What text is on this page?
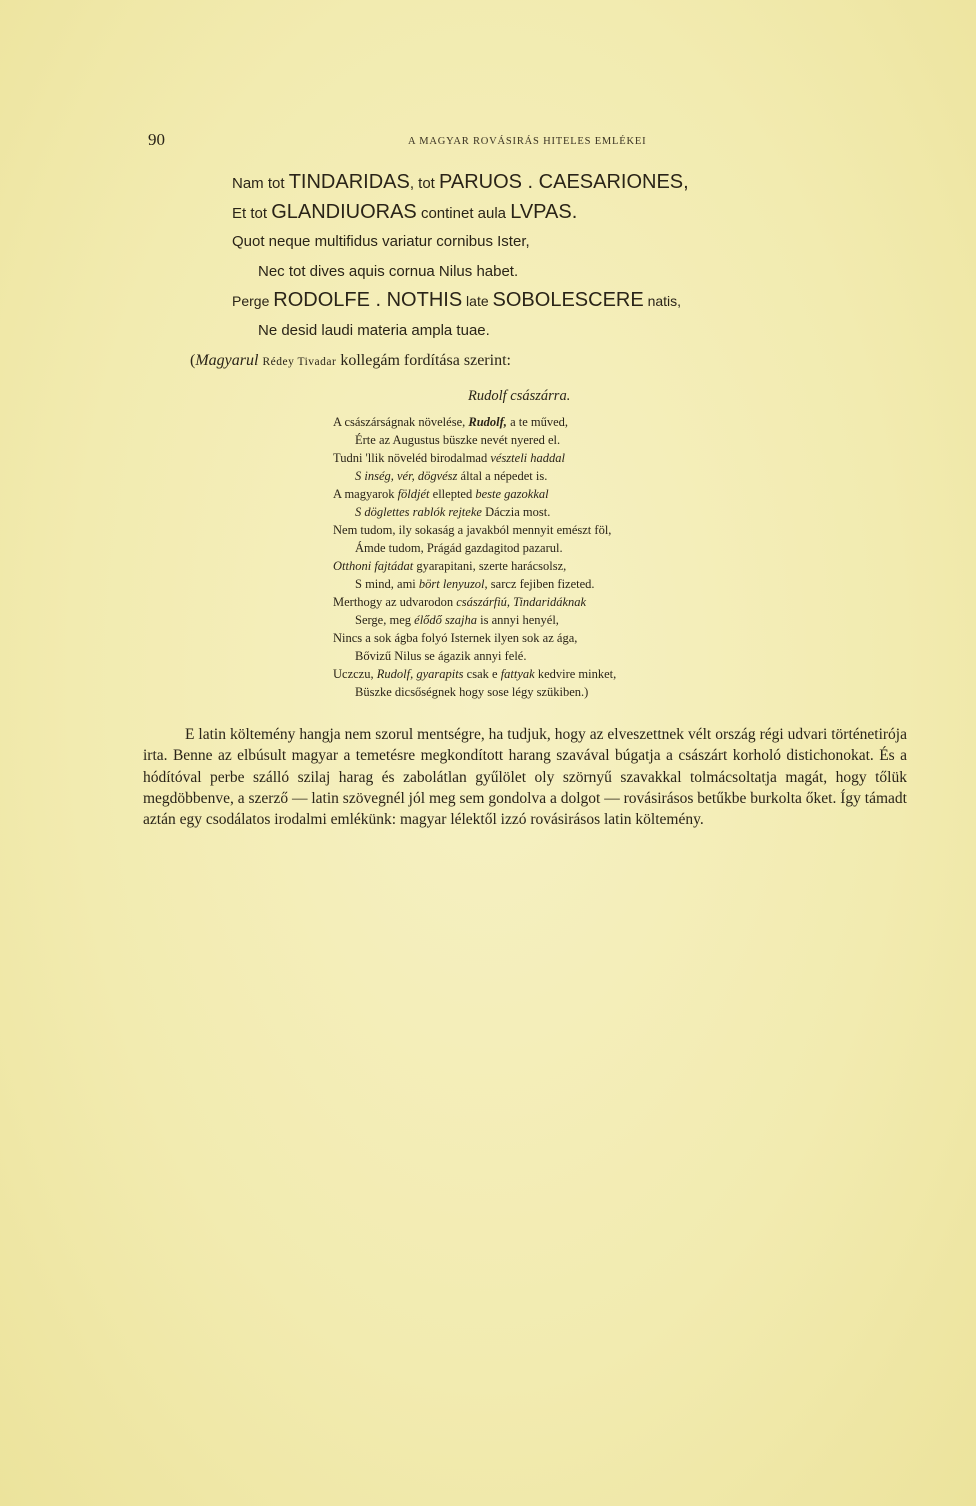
90	A MAGYAR ROVÁSIRÁS HITELES EMLÉKEI
Nam tot TINDARIDAS, tot PARUOS . CAESARIONES,
Et tot GLANDIUORAS continet aula LVPAS.
Quot neque multifidus variatur cornibus Ister,
Nec tot dives aquis cornua Nilus habet.
Perge RODOLFE . NOTHIS late SOBOLESCERE natis,
Ne desid laudi materia ampla tuae.
(Magyarul Rédey Tivadar kollegám fordítása szerint:
Rudolf császárra.
A császárságnak növelése, Rudolf, a te műved,
Érte az Augustus büszke nevét nyered el.
Tudni 'llik növeléd birodalmad vészteli haddal
S inség, vér, dögvész által a népedet is.
A magyarok földjét ellepted beste gazokkal
S döglettes rablók rejteke Dáczia most.
Nem tudom, ily sokaság a javakból mennyit emészt föl,
Ámde tudom, Prágád gazdagitod pazarul.
Otthoni fajtádat gyarapitani, szerte harácsolsz,
S mind, ami bört lenyuzol, sarcz fejiben fizeted.
Merthogy az udvarodon császárfiú, Tindaridáknak
Serge, meg élődő szajha is annyi henyél,
Nincs a sok ágba folyó Isternek ilyen sok az ága,
Bővizű Nilus se ágazik annyi felé.
Uczczu, Rudolf, gyarapits csak e fattyak kedvire minket,
Büszke dicsőségnek hogy sose légy szükiben.)

E latin költemény hangja nem szorul mentségre, ha tudjuk, hogy az elveszettnek vélt ország régi udvari történetirója irta. Benne az elbúsult magyar a temetésre megkondított harang szavával búgatja a császárt korholó distichonokat. És a hódítóval perbe szálló szilaj harag és zabolátlan gyűlölet oly szörnyű szavakkal tolmácsoltatja magát, hogy tőlük megdöbbenve, a szerző — latin szövegnél jól meg sem gondolva a dolgot — rovásirásos betűkbe burkolta őket. Így támadt aztán egy csodálatos irodalmi emlékünk: magyar lélektől izzó rovásirásos latin költemény.
